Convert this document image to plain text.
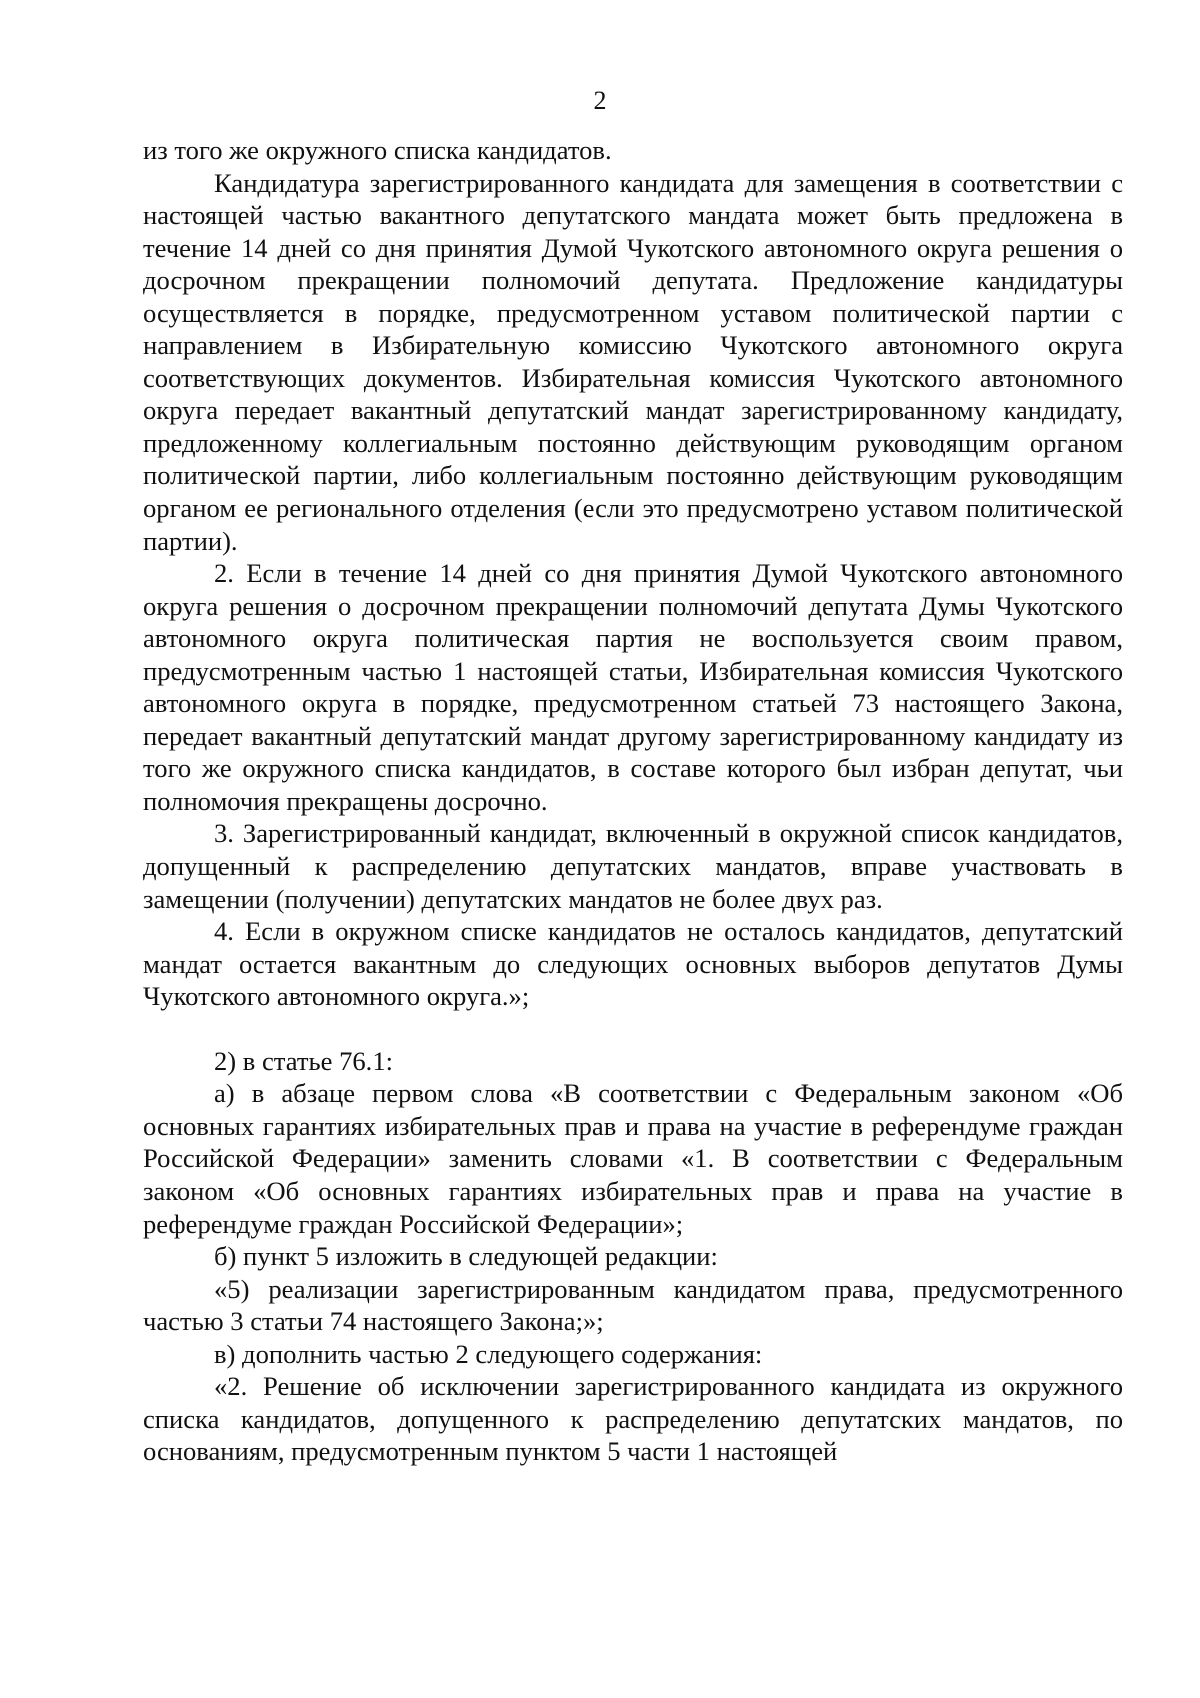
2

из того же окружного списка кандидатов.

Кандидатура зарегистрированного кандидата для замещения в соответствии с настоящей частью вакантного депутатского мандата может быть предложена в течение 14 дней со дня принятия Думой Чукотского автономного округа решения о досрочном прекращении полномочий депутата. Предложение кандидатуры осуществляется в порядке, предусмотренном уставом политической партии с направлением в Избирательную комиссию Чукотского автономного округа соответствующих документов. Избирательная комиссия Чукотского автономного округа передает вакантный депутатский мандат зарегистрированному кандидату, предложенному коллегиальным постоянно действующим руководящим органом политической партии, либо коллегиальным постоянно действующим руководящим органом ее регионального отделения (если это предусмотрено уставом политической партии).

2. Если в течение 14 дней со дня принятия Думой Чукотского автономного округа решения о досрочном прекращении полномочий депутата Думы Чукотского автономного округа политическая партия не воспользуется своим правом, предусмотренным частью 1 настоящей статьи, Избирательная комиссия Чукотского автономного округа в порядке, предусмотренном статьей 73 настоящего Закона, передает вакантный депутатский мандат другому зарегистрированному кандидату из того же окружного списка кандидатов, в составе которого был избран депутат, чьи полномочия прекращены досрочно.

3. Зарегистрированный кандидат, включенный в окружной список кандидатов, допущенный к распределению депутатских мандатов, вправе участвовать в замещении (получении) депутатских мандатов не более двух раз.

4. Если в окружном списке кандидатов не осталось кандидатов, депутатский мандат остается вакантным до следующих основных выборов депутатов Думы Чукотского автономного округа.»;

2) в статье 76.1:

а) в абзаце первом слова «В соответствии с Федеральным законом «Об основных гарантиях избирательных прав и права на участие в референдуме граждан Российской Федерации» заменить словами «1. В соответствии с Федеральным законом «Об основных гарантиях избирательных прав и права на участие в референдуме граждан Российской Федерации»;

б) пункт 5 изложить в следующей редакции:

«5) реализации зарегистрированным кандидатом права, предусмотренного частью 3 статьи 74 настоящего Закона;»;

в) дополнить частью 2 следующего содержания:

«2. Решение об исключении зарегистрированного кандидата из окружного списка кандидатов, допущенного к распределению депутатских мандатов, по основаниям, предусмотренным пунктом 5 части 1 настоящей
